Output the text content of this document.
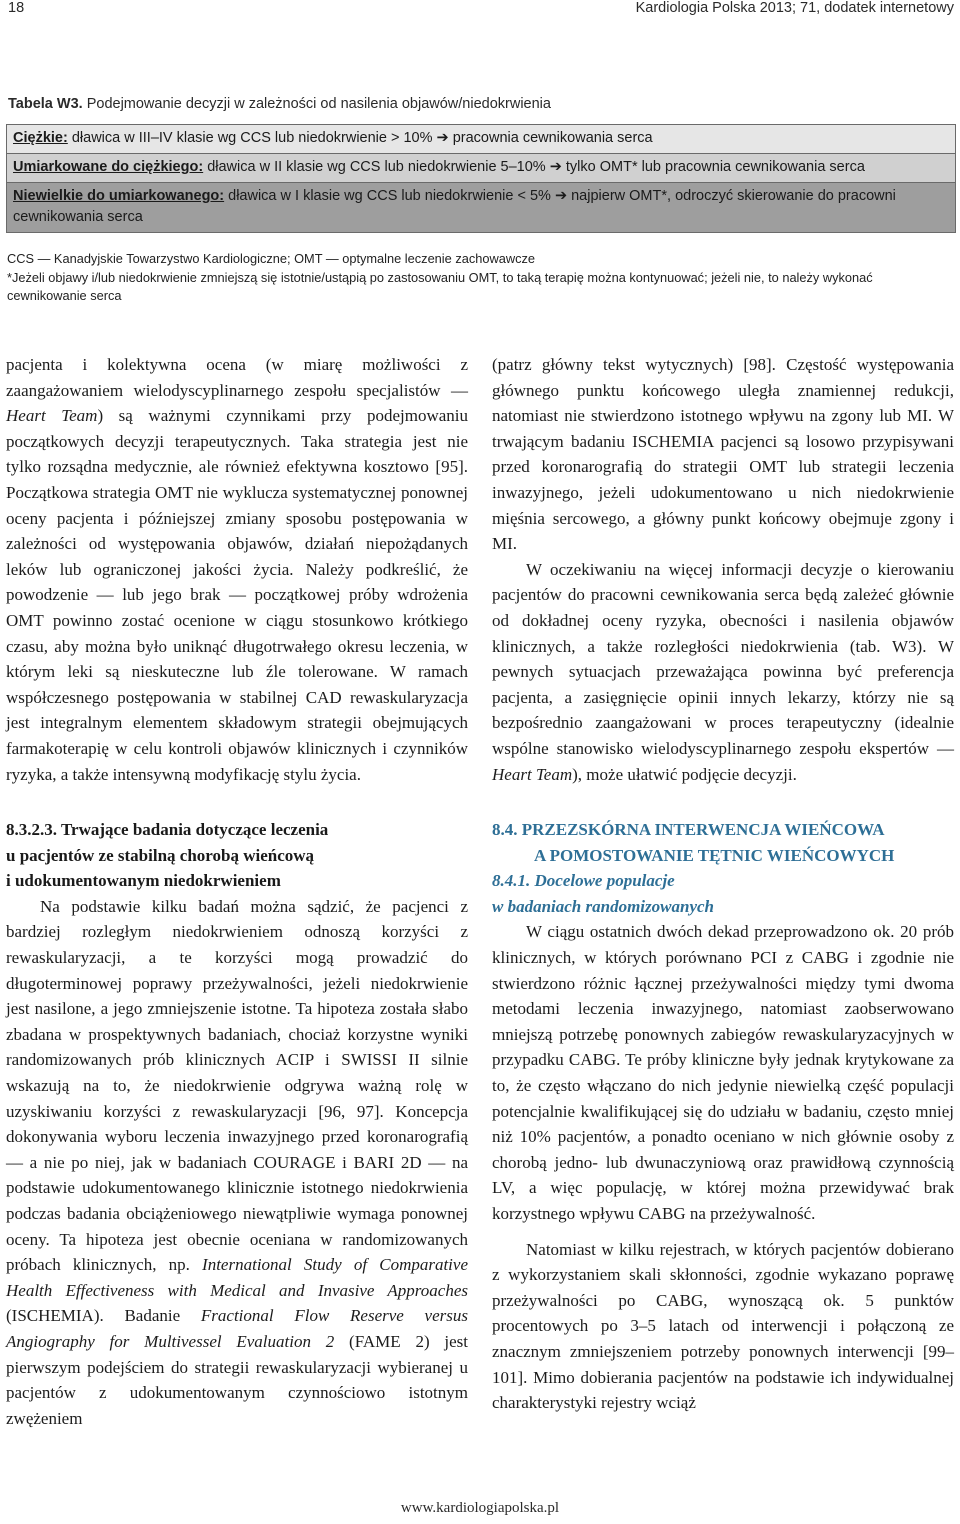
18	Kardiologia Polska 2013; 71, dodatek internetowy
Tabela W3. Podejmowanie decyzji w zależności od nasilenia objawów/niedokrwienia
Ciężkie: dławica w III–IV klasie wg CCS lub niedokrwienie > 10% ➔ pracownia cewnikowania serca
Umiarkowane do ciężkiego: dławica w II klasie wg CCS lub niedokrwienie 5–10% ➔ tylko OMT* lub pracownia cewnikowania serca
Niewielkie do umiarkowanego: dławica w I klasie wg CCS lub niedokrwienie < 5% ➔ najpierw OMT*, odroczyć skierowanie do pracowni cewnikowania serca
CCS — Kanadyjskie Towarzystwo Kardiologiczne; OMT — optymalne leczenie zachowawcze
*Jeżeli objawy i/lub niedokrwienie zmniejszą się istotnie/ustąpią po zastosowaniu OMT, to taką terapię można kontynuować; jeżeli nie, to należy wykonać cewnikowanie serca

pacjenta i kolektywna ocena (w miarę możliwości z zaangażowaniem wielodyscyplinarnego zespołu specjalistów — Heart Team) są ważnymi czynnikami przy podejmowaniu początkowych decyzji terapeutycznych. Taka strategia jest nie tylko rozsądna medycznie, ale również efektywna kosztowo [95]. Początkowa strategia OMT nie wyklucza systematycznej ponownej oceny pacjenta i późniejszej zmiany sposobu postępowania w zależności od występowania objawów, działań niepożądanych leków lub ograniczonej jakości życia. Należy podkreślić, że powodzenie — lub jego brak — początkowej próby wdrożenia OMT powinno zostać ocenione w ciągu stosunkowo krótkiego czasu, aby można było uniknąć długotrwałego okresu leczenia, w którym leki są nieskuteczne lub źle tolerowane. W ramach współczesnego postępowania w stabilnej CAD rewaskularyzacja jest integralnym elementem składowym strategii obejmujących farmakoterapię w celu kontroli objawów klinicznych i czynników ryzyka, a także intensywną modyfikację stylu życia.

8.3.2.3. Trwające badania dotyczące leczenia
u pacjentów ze stabilną chorobą wieńcową
i udokumentowanym niedokrwieniem

Na podstawie kilku badań można sądzić, że pacjenci z bardziej rozległym niedokrwieniem odnoszą korzyści z rewaskularyzacji, a te korzyści mogą prowadzić do długoterminowej poprawy przeżywalności, jeżeli niedokrwienie jest nasilone, a jego zmniejszenie istotne. Ta hipoteza została słabo zbadana w prospektywnych badaniach, chociaż korzystne wyniki randomizowanych prób klinicznych ACIP i SWISSI II silnie wskazują na to, że niedokrwienie odgrywa ważną rolę w uzyskiwaniu korzyści z rewaskularyzacji [96, 97]. Koncepcja dokonywania wyboru leczenia inwazyjnego przed koronarografią — a nie po niej, jak w badaniach COURAGE i BARI 2D — na podstawie udokumentowanego klinicznie istotnego niedokrwienia podczas badania obciążeniowego niewątpliwie wymaga ponownej oceny. Ta hipoteza jest obecnie oceniana w randomizowanych próbach klinicznych, np. International Study of Comparative Health Effectiveness with Medical and Invasive Approaches (ISCHEMIA). Badanie Fractional Flow Reserve versus Angiography for Multivessel Evaluation 2 (FAME 2) jest pierwszym podejściem do strategii rewaskularyzacji wybieranej u pacjentów z udokumentowanym czynnościowo istotnym zwężeniem

(patrz główny tekst wytycznych) [98]. Częstość występowania głównego punktu końcowego uległa znamiennej redukcji, natomiast nie stwierdzono istotnego wpływu na zgony lub MI. W trwającym badaniu ISCHEMIA pacjenci są losowo przypisywani przed koronarografią do strategii OMT lub strategii leczenia inwazyjnego, jeżeli udokumentowano u nich niedokrwienie mięśnia sercowego, a główny punkt końcowy obejmuje zgony i MI.

W oczekiwaniu na więcej informacji decyzje o kierowaniu pacjentów do pracowni cewnikowania serca będą zależeć głównie od dokładnej oceny ryzyka, obecności i nasilenia objawów klinicznych, a także rozległości niedokrwienia (tab. W3). W pewnych sytuacjach przeważająca powinna być preferencja pacjenta, a zasięgnięcie opinii innych lekarzy, którzy nie są bezpośrednio zaangażowani w proces terapeutyczny (idealnie wspólne stanowisko wielodyscyplinarnego zespołu ekspertów — Heart Team), może ułatwić podjęcie decyzji.

8.4. PRZEZSKÓRNA INTERWENCJA WIEŃCOWA
A POMOSTOWANIE TĘTNIC WIEŃCOWYCH
8.4.1. Docelowe populacje
w badaniach randomizowanych

W ciągu ostatnich dwóch dekad przeprowadzono ok. 20 prób klinicznych, w których porównano PCI z CABG i zgodnie nie stwierdzono różnic łącznej przeżywalności między tymi dwoma metodami leczenia inwazyjnego, natomiast zaobserwowano mniejszą potrzebę ponownych zabiegów rewaskularyzacyjnych w przypadku CABG. Te próby kliniczne były jednak krytykowane za to, że często włączano do nich jedynie niewielką część populacji potencjalnie kwalifikującej się do udziału w badaniu, często mniej niż 10% pacjentów, a ponadto oceniano w nich głównie osoby z chorobą jedno- lub dwunaczyniową oraz prawidłową czynnością LV, a więc populację, w której można przewidywać brak korzystnego wpływu CABG na przeżywalność.

Natomiast w kilku rejestrach, w których pacjentów dobierano z wykorzystaniem skali skłonności, zgodnie wykazano poprawę przeżywalności po CABG, wynoszącą ok. 5 punktów procentowych po 3–5 latach od interwencji i połączoną ze znacznym zmniejszeniem potrzeby ponownych interwencji [99–101]. Mimo dobierania pacjentów na podstawie ich indywidualnej charakterystyki rejestry wciąż

www.kardiologiapolska.pl
